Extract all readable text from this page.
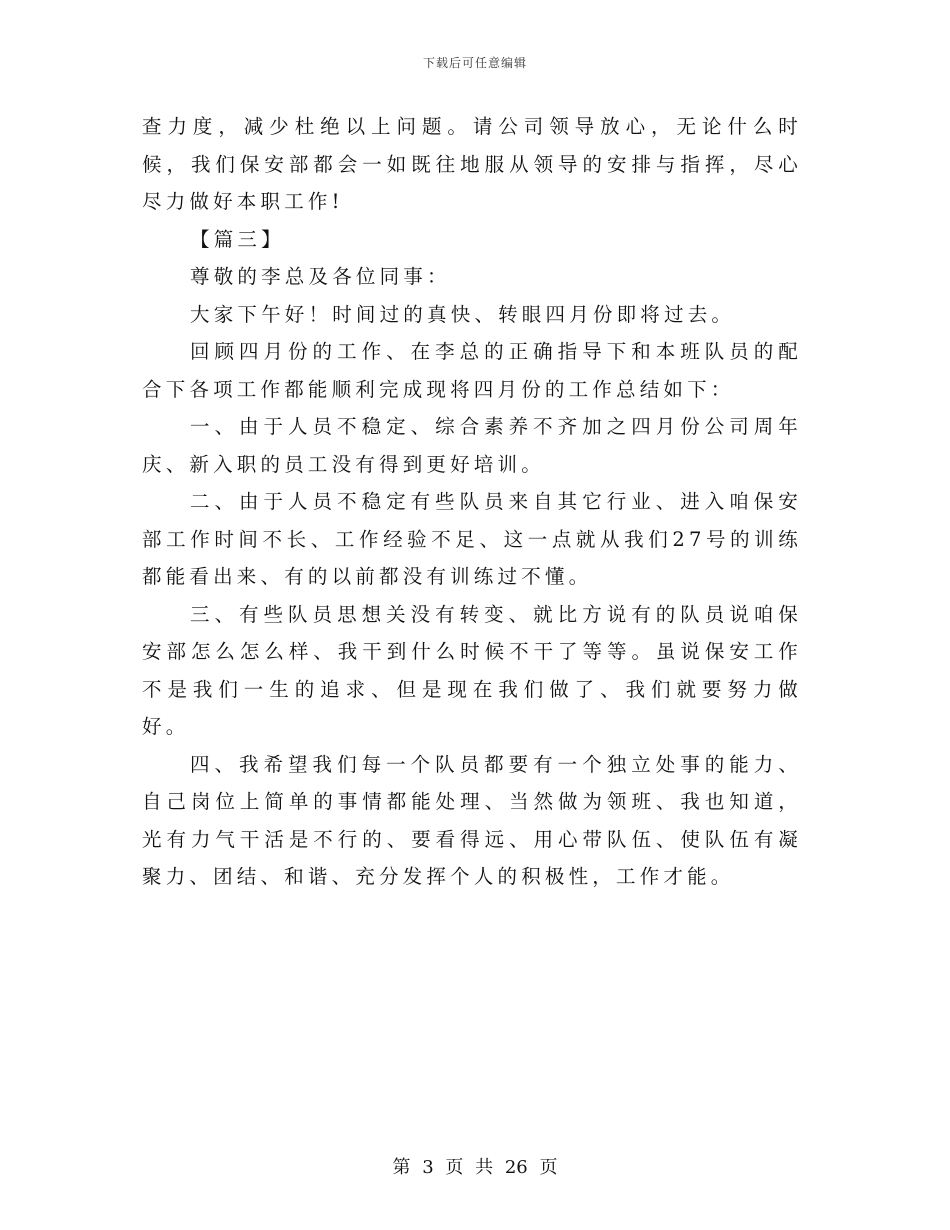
下载后可任意编辑

查力度，减少杜绝以上问题。请公司领导放心，无论什么时候，我们保安部都会一如既往地服从领导的安排与指挥，尽心尽力做好本职工作!

【篇三】

尊敬的李总及各位同事：

大家下午好！时间过的真快、转眼四月份即将过去。

回顾四月份的工作、在李总的正确指导下和本班队员的配合下各项工作都能顺利完成现将四月份的工作总结如下：

一、由于人员不稳定、综合素养不齐加之四月份公司周年庆、新入职的员工没有得到更好培训。

二、由于人员不稳定有些队员来自其它行业、进入咱保安部工作时间不长、工作经验不足、这一点就从我们27号的训练都能看出来、有的以前都没有训练过不懂。

三、有些队员思想关没有转变、就比方说有的队员说咱保安部怎么怎么样、我干到什么时候不干了等等。虽说保安工作不是我们一生的追求、但是现在我们做了、我们就要努力做好。

四、我希望我们每一个队员都要有一个独立处事的能力、自己岗位上简单的事情都能处理、当然做为领班、我也知道，光有力气干活是不行的、要看得远、用心带队伍、使队伍有凝聚力、团结、和谐、充分发挥个人的积极性，工作才能。

第 3 页 共 26 页
